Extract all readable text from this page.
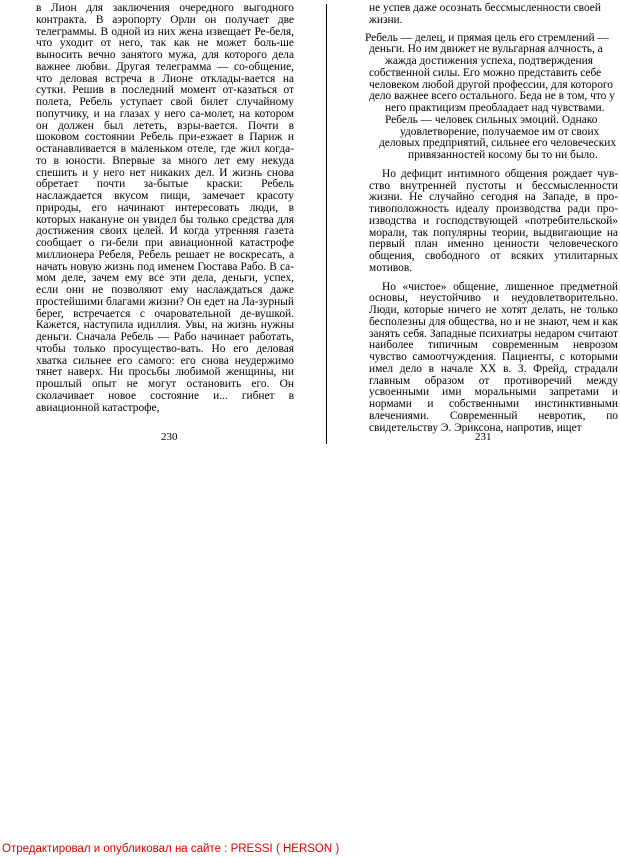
в Лион для заключения очередного выгодного контракта. В аэропорту Орли он получает две телеграммы. В одной из них жена извещает Ре-беля, что уходит от него, так как не может боль-ше выносить вечно занятого мужа, для которого дела важнее любви. Другая телеграмма — со-общение, что деловая встреча в Лионе отклады-вается на сутки. Решив в последний момент от-казаться от полета, Ребель уступает свой билет случайному попутчику, и на глазах у него са-молет, на котором он должен был лететь, взры-вается. Почти в шоковом состоянии Ребель при-езжает в Париж и останавливается в маленьком отеле, где жил когда-то в юности. Впервые за много лет ему некуда спешить и у него нет никаких дел. И жизнь снова обретает почти за-бытые краски: Ребель наслаждается вкусом пищи, замечает красоту природы, его начинают интересовать люди, в которых накануне он увидел бы только средства для достижения своих целей. И когда утренняя газета сообщает о ги-бели при авиационной катастрофе миллионера Ребеля, Ребель решает не воскресать, а начать новую жизнь под именем Гюстава Рабо. В са-мом деле, зачем ему все эти дела, деньги, успех, если они не позволяют ему наслаждаться даже простейшими благами жизни? Он едет на Ла-зурный берег, встречается с очаровательной де-вушкой. Кажется, наступила идиллия. Увы, на жизнь нужны деньги. Сначала Ребель — Рабо начинает работать, чтобы только просущество-вать. Но его деловая хватка сильнее его самого: его снова неудержимо тянет наверх. Ни просьбы любимой женщины, ни прошлый опыт не могут остановить его. Он сколачивает новое состояние и... гибнет в авиационной катастрофе,

не успев даже осознать бессмысленности своей
жизни.
Ребель — делец, и прямая цель его стремлений —
деньги. Но им движет не вульгарная алчность, а
жажда достижения успеха, подтверждения
собственной силы. Его можно представить себе
человеком любой другой профессии, для которого
дело важнее всего остального. Беда не в том, что у
него практицизм преобладает над чувствами.
Ребель — человек сильных эмоций. Однако
удовлетворение, получаемое им от своих
деловых предприятий, сильнее его человеческих
привязанностей косому бы то ни было.

Но дефицит интимного общения рождает чув-ство внутренней пустоты и бессмысленности жизни. Не случайно сегодня на Западе, в про-тивоположность идеалу производства ради про-изводства и господствующей «потребительской» морали, так популярны теории, выдвигающие на первый план именно ценности человеческого общения, свободного от всяких утилитарных мотивов.

Но «чистое» общение, лишенное предметной основы, неустойчиво и неудовлетворительно. Люди, которые ничего не хотят делать, не только бесполезны для общества, но и не знают, чем и как занять себя. Западные психиатры недаром считают наиболее типичным современным неврозом чувство самоотчуждения. Пациенты, с которыми имел дело в начале XX в. З. Фрейд, страдали главным образом от противоречий между усвоенными ими моральными запретами и нормами и собственными инстинктивными влечениями. Современный невротик, по свидетельству Э. Эриксона, напротив, ищет

230	231
Отредактировал и опубликовал на сайте : PRESSI ( HERSON )
